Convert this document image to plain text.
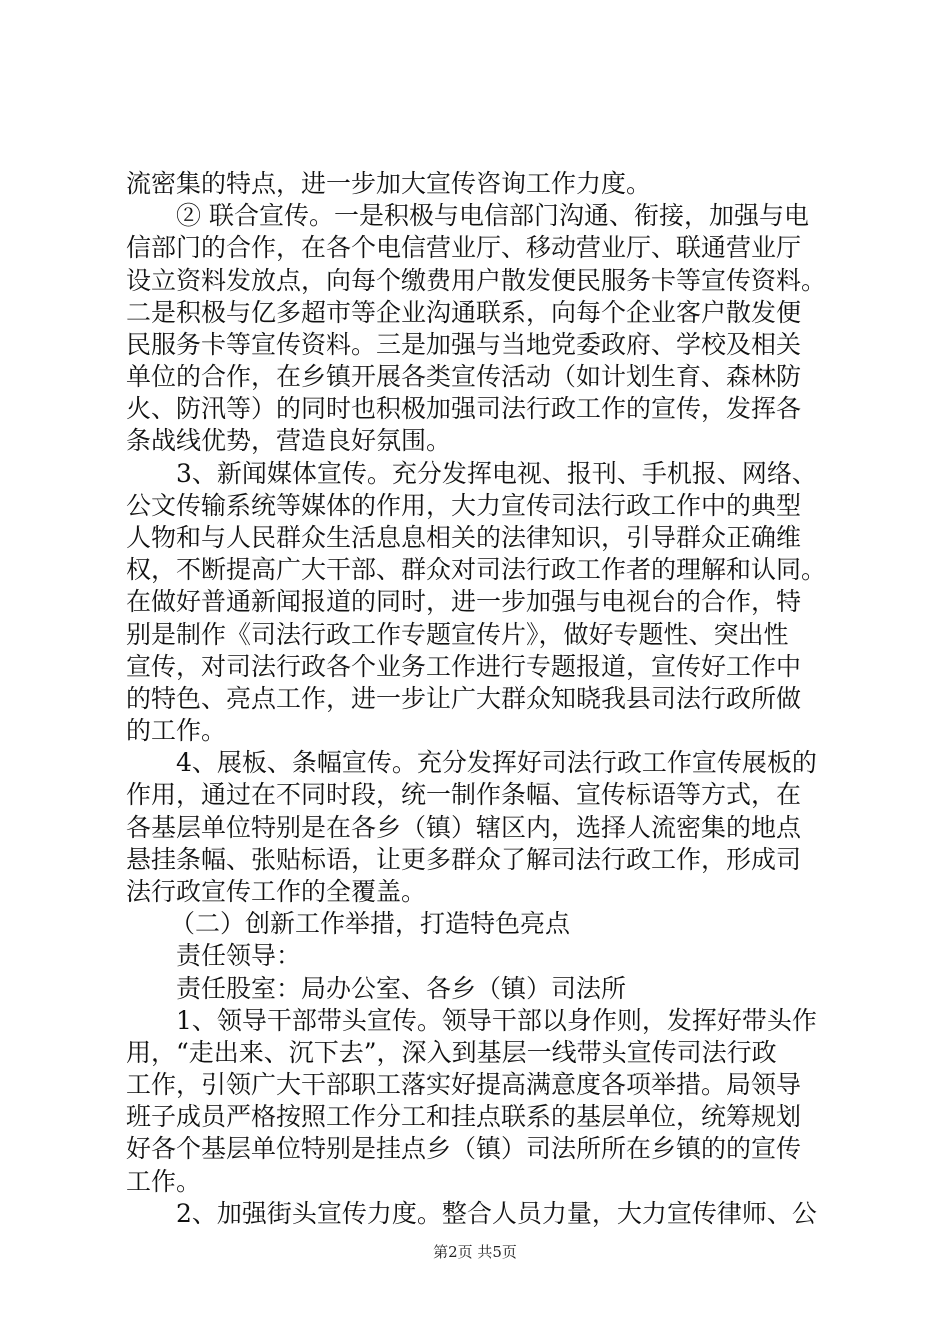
流密集的特点，进一步加大宣传咨询工作力度。
② 联合宣传。一是积极与电信部门沟通、衔接，加强与电
信部门的合作，在各个电信营业厅、移动营业厅、联通营业厅
设立资料发放点，向每个缴费用户散发便民服务卡等宣传资料。
二是积极与亿多超市等企业沟通联系，向每个企业客户散发便
民服务卡等宣传资料。三是加强与当地党委政府、学校及相关
单位的合作，在乡镇开展各类宣传活动（如计划生育、森林防
火、防汛等）的同时也积极加强司法行政工作的宣传，发挥各
条战线优势，营造良好氛围。
3、新闻媒体宣传。充分发挥电视、报刊、手机报、网络、
公文传输系统等媒体的作用，大力宣传司法行政工作中的典型
人物和与人民群众生活息息相关的法律知识，引导群众正确维
权，不断提高广大干部、群众对司法行政工作者的理解和认同。
在做好普通新闻报道的同时，进一步加强与电视台的合作，特
别是制作《司法行政工作专题宣传片》，做好专题性、突出性
宣传，对司法行政各个业务工作进行专题报道，宣传好工作中
的特色、亮点工作，进一步让广大群众知晓我县司法行政所做
的工作。
4、展板、条幅宣传。充分发挥好司法行政工作宣传展板的
作用，通过在不同时段，统一制作条幅、宣传标语等方式，在
各基层单位特别是在各乡（镇）辖区内，选择人流密集的地点
悬挂条幅、张贴标语，让更多群众了解司法行政工作，形成司
法行政宣传工作的全覆盖。
（二）创新工作举措，打造特色亮点
责任领导：
责任股室：局办公室、各乡（镇）司法所
1、领导干部带头宣传。领导干部以身作则，发挥好带头作
用，“走出来、沉下去”，深入到基层一线带头宣传司法行政
工作，引领广大干部职工落实好提高满意度各项举措。局领导
班子成员严格按照工作分工和挂点联系的基层单位，统筹规划
好各个基层单位特别是挂点乡（镇）司法所所在乡镇的的宣传
工作。
2、加强街头宣传力度。整合人员力量，大力宣传律师、公
第2页 共5页
